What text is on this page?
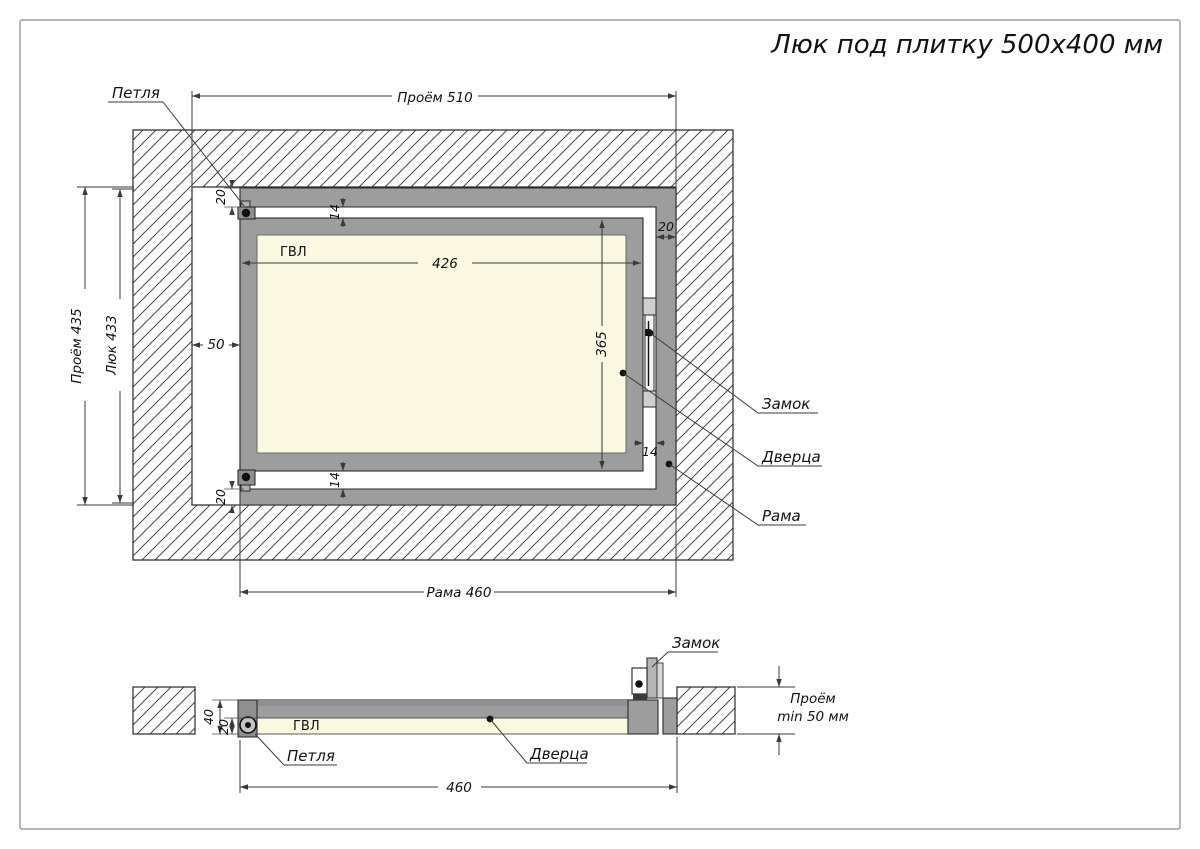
Люк под плитку 500x400 мм
ГВЛ
Проём 510
Проём 435 Люк 433	50
426
365
14
14
14
20
20
20
Рама 460
Петля
Замок
Дверца
Рама
ГВЛ
40
20
460
Проём
min 50 мм
Замок
Петля	Дверца
